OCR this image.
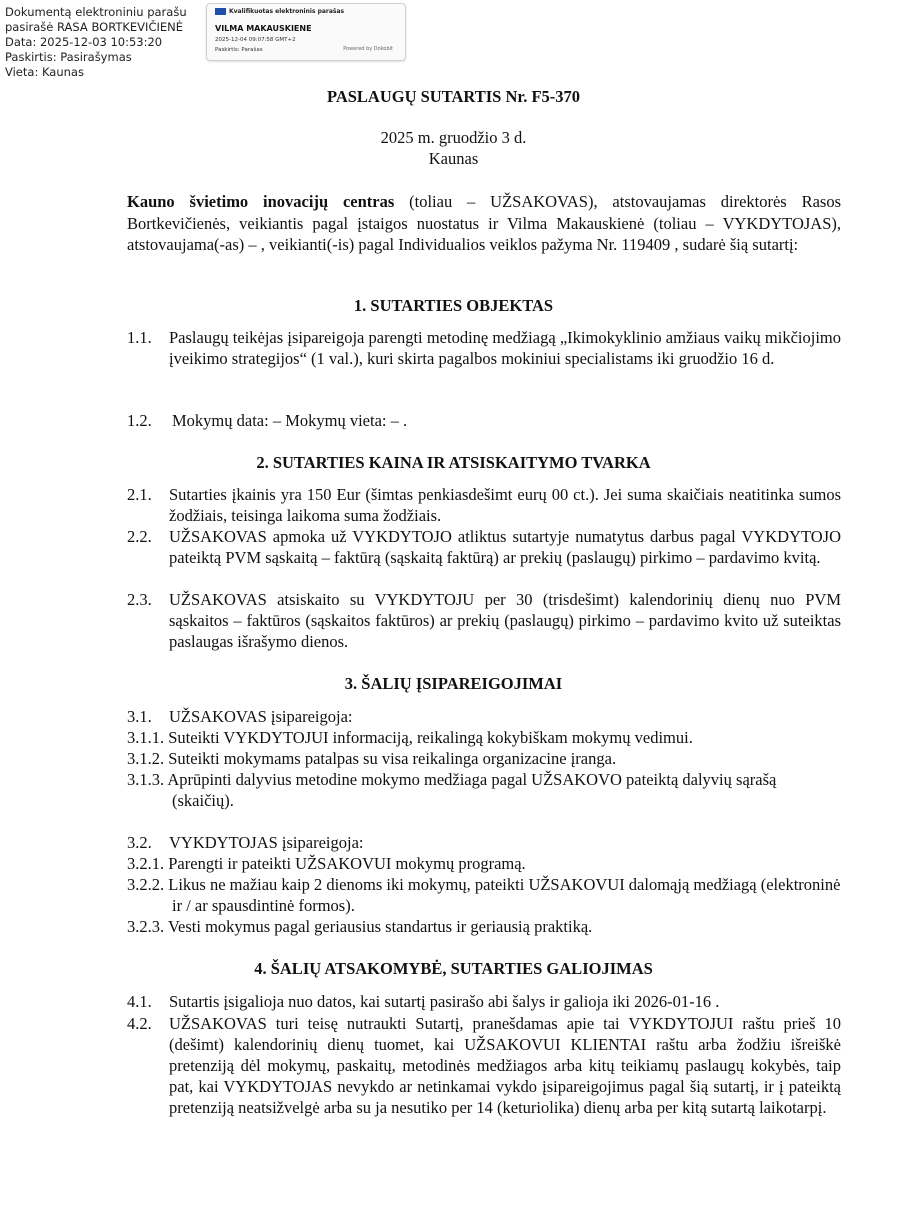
Dokumentą elektroniniu parašu
pasirašė RASA BORTKEVIČIENĖ
Data: 2025-12-03 10:53:20
Paskirtis: Pasirašymas
Vieta: Kaunas
Kvalifikuotas elektroninis parašas
VILMA MAKAUSKIENE
2025-12-04 09:07:58 GMT+2
Paskirtis: Parašas	Powered by Dokobit
PASLAUGŲ SUTARTIS Nr. F5-370
2025 m. gruodžio 3 d.
Kaunas
Kauno švietimo inovacijų centras (toliau – UŽSAKOVAS), atstovaujamas direktorės Rasos Bortkevičienės, veikiantis pagal įstaigos nuostatus ir Vilma Makauskienė (toliau – VYKDYTOJAS), atstovaujama(-as) – , veikianti(-is) pagal Individualios veiklos pažyma Nr. 119409 , sudarė šią sutartį:
1. SUTARTIES OBJEKTAS
1.1. Paslaugų teikėjas įsipareigoja parengti metodinę medžiagą „Ikimokyklinio amžiaus vaikų mikčiojimo įveikimo strategijos“ (1 val.), kuri skirta pagalbos mokiniui specialistams iki gruodžio 16 d.
1.2. Mokymų data: – Mokymų vieta: – .
2. SUTARTIES KAINA IR ATSISKAITYMO TVARKA
2.1. Sutarties įkainis yra 150 Eur (šimtas penkiasdešimt eurų 00 ct.). Jei suma skaičiais neatitinka sumos žodžiais, teisinga laikoma suma žodžiais.
2.2. UŽSAKOVAS apmoka už VYKDYTOJO atliktus sutartyje numatytus darbus pagal VYKDYTOJO pateiktą PVM sąskaitą – faktūrą (sąskaitą faktūrą) ar prekių (paslaugų) pirkimo – pardavimo kvitą.
2.3. UŽSAKOVAS atsiskaito su VYKDYTOJU per 30 (trisdešimt) kalendorinių dienų nuo PVM sąskaitos – faktūros (sąskaitos faktūros) ar prekių (paslaugų) pirkimo – pardavimo kvito už suteiktas paslaugas išrašymo dienos.
3. ŠALIŲ ĮSIPAREIGOJIMAI
3.1. UŽSAKOVAS įsipareigoja:
3.1.1. Suteikti VYKDYTOJUI informaciją, reikalingą kokybiškam mokymų vedimui.
3.1.2. Suteikti mokymams patalpas su visa reikalinga organizacine įranga.
3.1.3. Aprūpinti dalyvius metodine mokymo medžiaga pagal UŽSAKOVO pateiktą dalyvių sąrašą (skaičių).
3.2. VYKDYTOJAS įsipareigoja:
3.2.1. Parengti ir pateikti UŽSAKOVUI mokymų programą.
3.2.2. Likus ne mažiau kaip 2 dienoms iki mokymų, pateikti UŽSAKOVUI dalomąją medžiagą (elektroninė ir / ar spausdintinė formos).
3.2.3. Vesti mokymus pagal geriausius standartus ir geriausią praktiką.
4. ŠALIŲ ATSAKOMYBĖ, SUTARTIES GALIOJIMAS
4.1. Sutartis įsigalioja nuo datos, kai sutartį pasirašo abi šalys ir galioja iki 2026-01-16 .
4.2. UŽSAKOVAS turi teisę nutraukti Sutartį, pranešdamas apie tai VYKDYTOJUI raštu prieš 10 (dešimt) kalendorinių dienų tuomet, kai UŽSAKOVUI KLIENTAI raštu arba žodžiu išreiškė pretenziją dėl mokymų, paskaitų, metodinės medžiagos arba kitų teikiamų paslaugų kokybės, taip pat, kai VYKDYTOJAS nevykdo ar netinkamai vykdo įsipareigojimus pagal šią sutartį, ir į pateiktą pretenziją neatsižvelgė arba su ja nesutiko per 14 (keturiolika) dienų arba per kitą sutartą laikotarpį.
